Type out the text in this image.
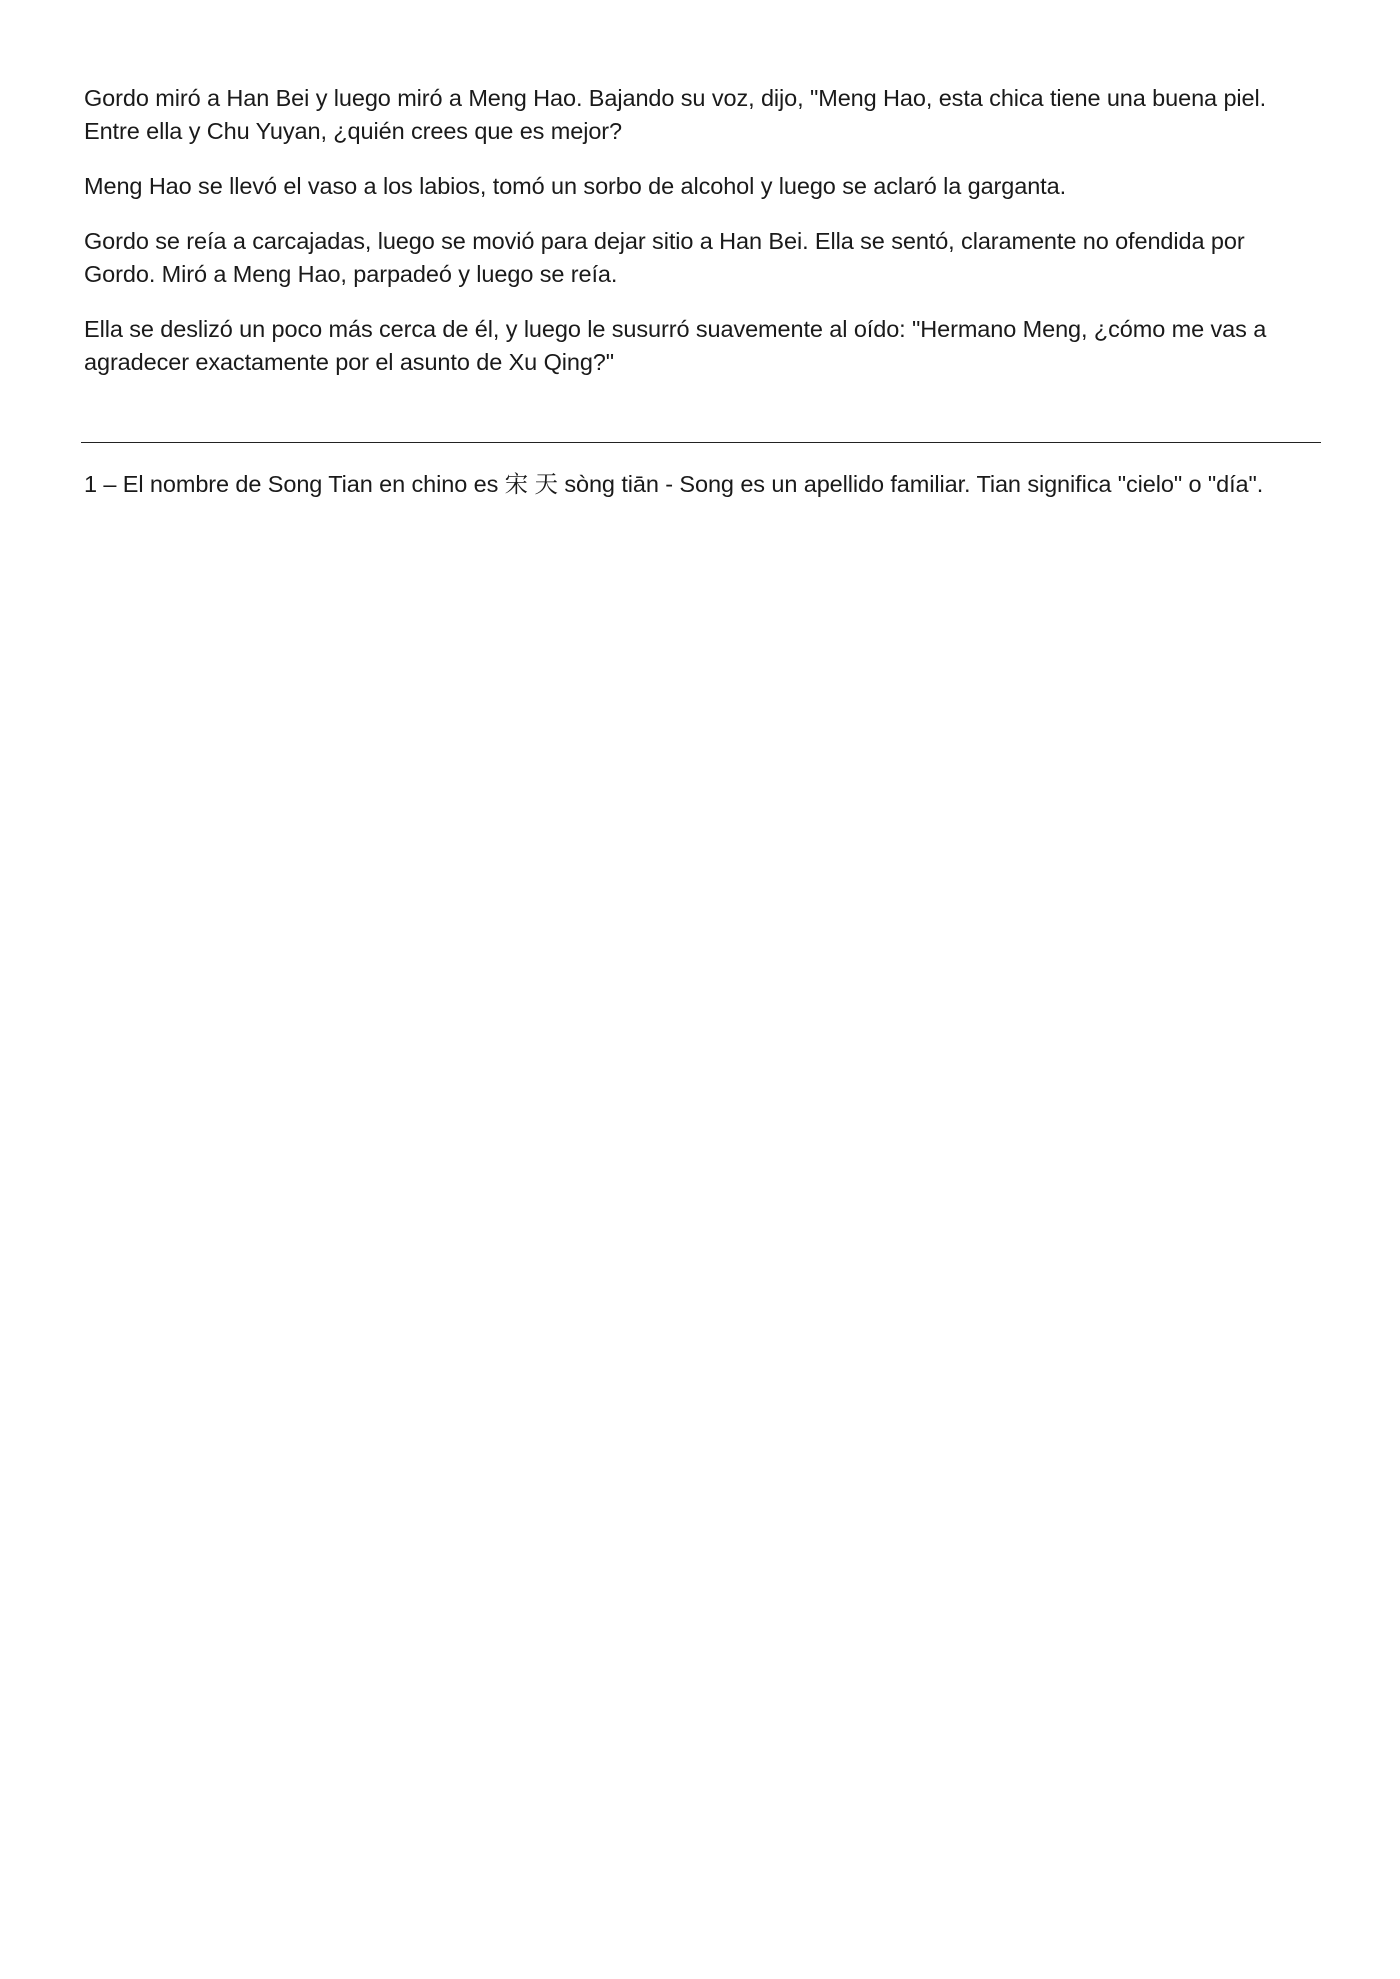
Gordo miró a Han Bei y luego miró a Meng Hao. Bajando su voz, dijo, "Meng Hao, esta chica tiene una buena piel. Entre ella y Chu Yuyan, ¿quién crees que es mejor?

Meng Hao se llevó el vaso a los labios, tomó un sorbo de alcohol y luego se aclaró la garganta.

Gordo se reía a carcajadas, luego se movió para dejar sitio a Han Bei. Ella se sentó, claramente no ofendida por Gordo. Miró a Meng Hao, parpadeó y luego se reía.

Ella se deslizó un poco más cerca de él, y luego le susurró suavemente al oído: "Hermano Meng, ¿cómo me vas a agradecer exactamente por el asunto de Xu Qing?"

1 – El nombre de Song Tian en chino es 宋 天 sòng tiān - Song es un apellido familiar. Tian significa "cielo" o "día".
